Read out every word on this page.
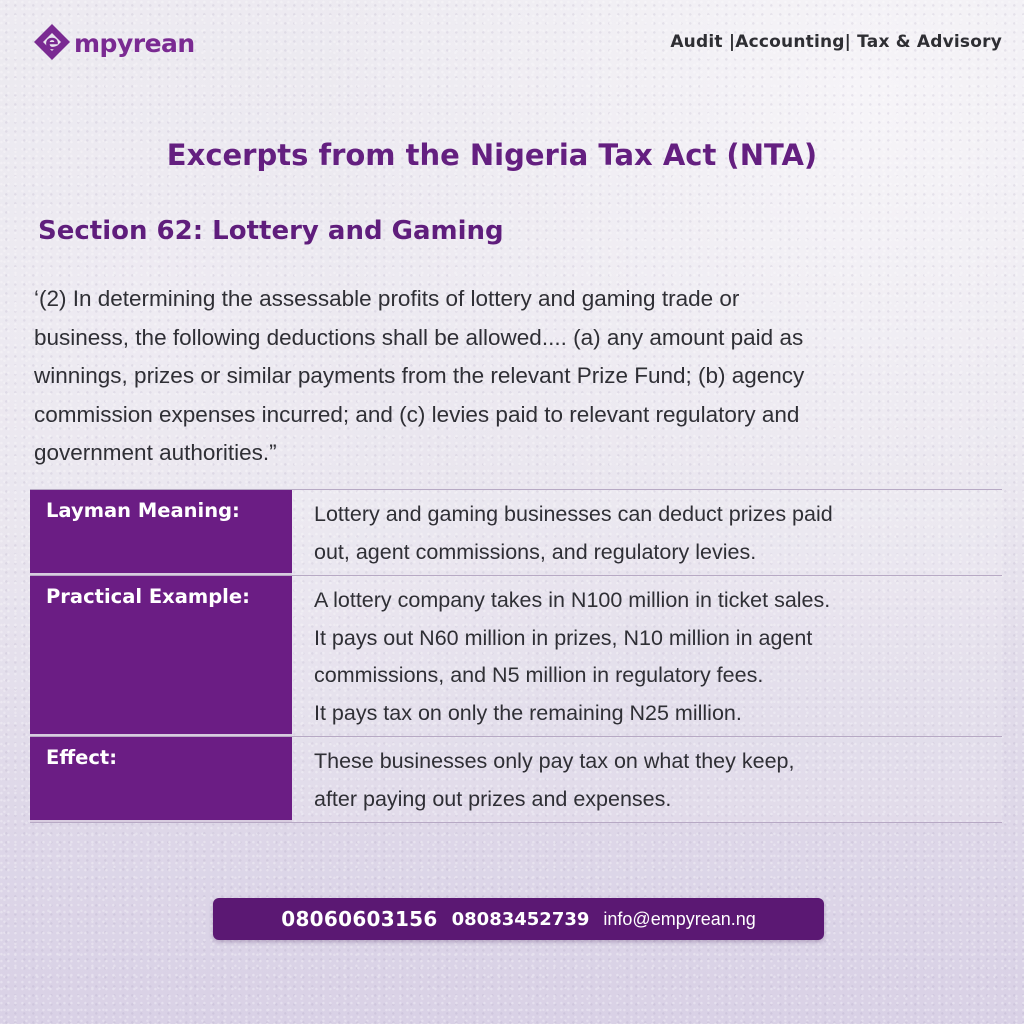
e mpyrean	Audit |Accounting| Tax & Advisory
Excerpts from the Nigeria Tax Act (NTA)
Section 62: Lottery and Gaming
‘(2) In determining the assessable profits of lottery and gaming trade or
business, the following deductions shall be allowed.... (a) any amount paid as
winnings, prizes or similar payments from the relevant Prize Fund; (b) agency
commission expenses incurred; and (c) levies paid to relevant regulatory and
government authorities.”
Layman Meaning:	Lottery and gaming businesses can deduct prizes paid
out, agent commissions, and regulatory levies.
Practical Example:	A lottery company takes in N100 million in ticket sales.
It pays out N60 million in prizes, N10 million in agent
commissions, and N5 million in regulatory fees.
It pays tax on only the remaining N25 million.
Effect:	These businesses only pay tax on what they keep,
after paying out prizes and expenses.
08060603156 08083452739 info@empyrean.ng
